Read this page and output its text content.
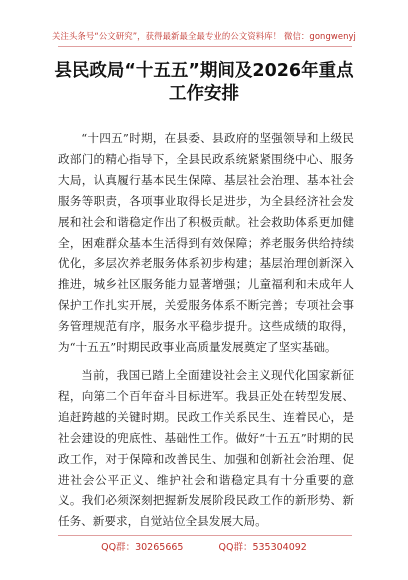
关注头条号“公文研究”，获得最新最全最专业的公文资料库！ 微信：gongwenyj
县民政局“十五五”期间及2026年重点
工作安排

“十四五”时期，在县委、县政府的坚强领导和上级民政部门的精心指导下，全县民政系统紧紧围绕中心、服务大局，认真履行基本民生保障、基层社会治理、基本社会服务等职责，各项事业取得长足进步，为全县经济社会发展和社会和谐稳定作出了积极贡献。社会救助体系更加健全，困难群众基本生活得到有效保障；养老服务供给持续优化，多层次养老服务体系初步构建；基层治理创新深入推进，城乡社区服务能力显著增强；儿童福利和未成年人保护工作扎实开展，关爱服务体系不断完善；专项社会事务管理规范有序，服务水平稳步提升。这些成绩的取得，为“十五五”时期民政事业高质量发展奠定了坚实基础。

当前，我国已踏上全面建设社会主义现代化国家新征程，向第二个百年奋斗目标进军。我县正处在转型发展、追赶跨越的关键时期。民政工作关系民生、连着民心，是社会建设的兜底性、基础性工作。做好“十五五”时期的民政工作，对于保障和改善民生、加强和创新社会治理、促进社会公平正义、维护社会和谐稳定具有十分重要的意义。我们必须深刻把握新发展阶段民政工作的新形势、新任务、新要求，自觉站位全县发展大局。

QQ群：30265665	QQ群：535304092
